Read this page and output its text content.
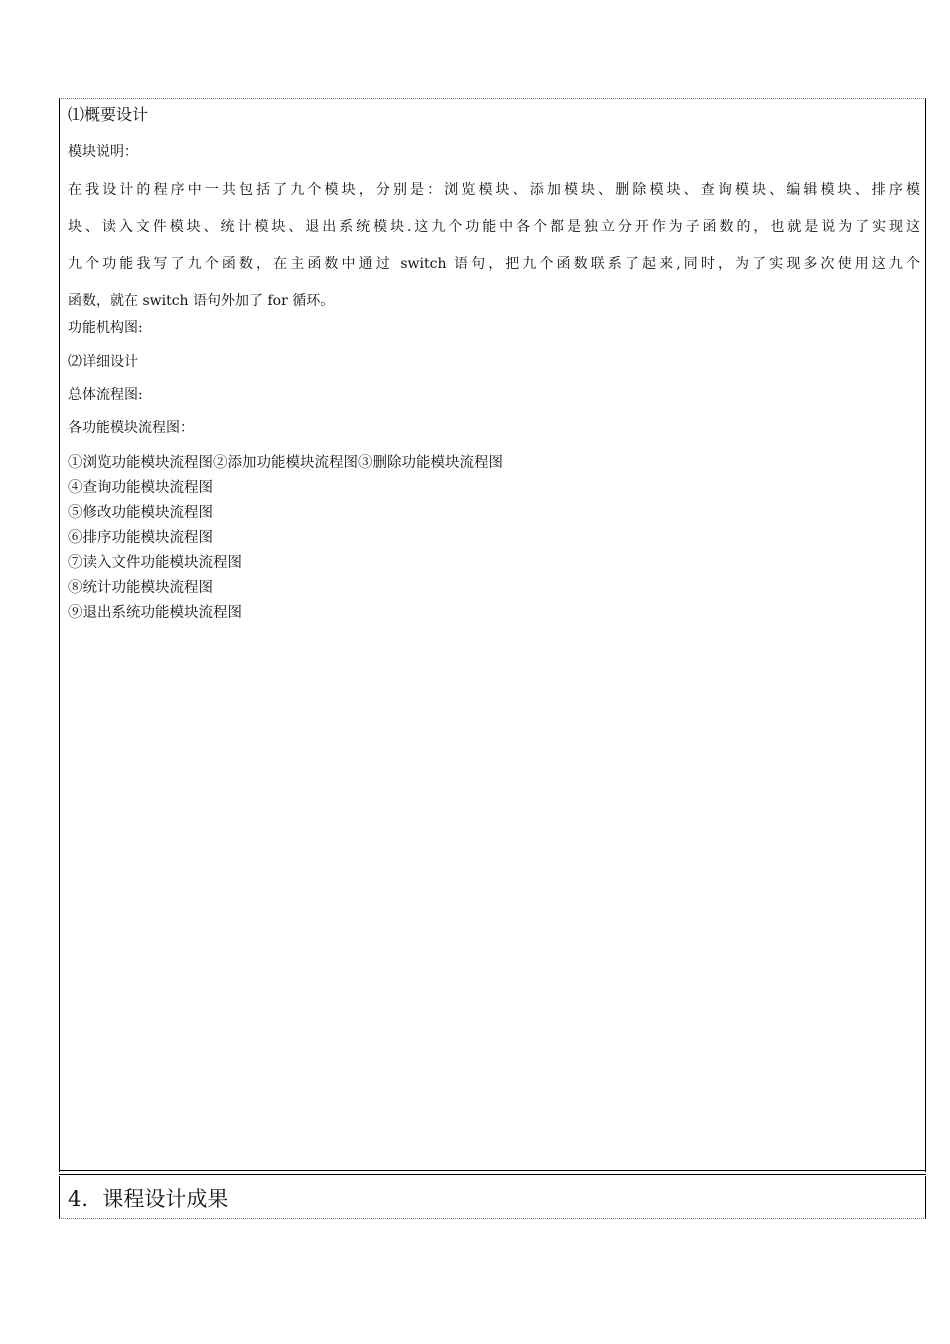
⑴概要设计
模块说明：
在我设计的程序中一共包括了九个模块，分别是：浏览模块、添加模块、删除模块、查询模块、编辑模块、排序模
块、读入文件模块、统计模块、退出系统模块.这九个功能中各个都是独立分开作为子函数的，也就是说为了实现这
九个功能我写了九个函数，在主函数中通过 switch 语句，把九个函数联系了起来,同时，为了实现多次使用这九个
函数，就在 switch 语句外加了 for 循环。
功能机构图:
⑵详细设计
总体流程图:
各功能模块流程图：
①浏览功能模块流程图②添加功能模块流程图③删除功能模块流程图
④查询功能模块流程图
⑤修改功能模块流程图
⑥排序功能模块流程图
⑦读入文件功能模块流程图
⑧统计功能模块流程图
⑨退出系统功能模块流程图
4．课程设计成果
